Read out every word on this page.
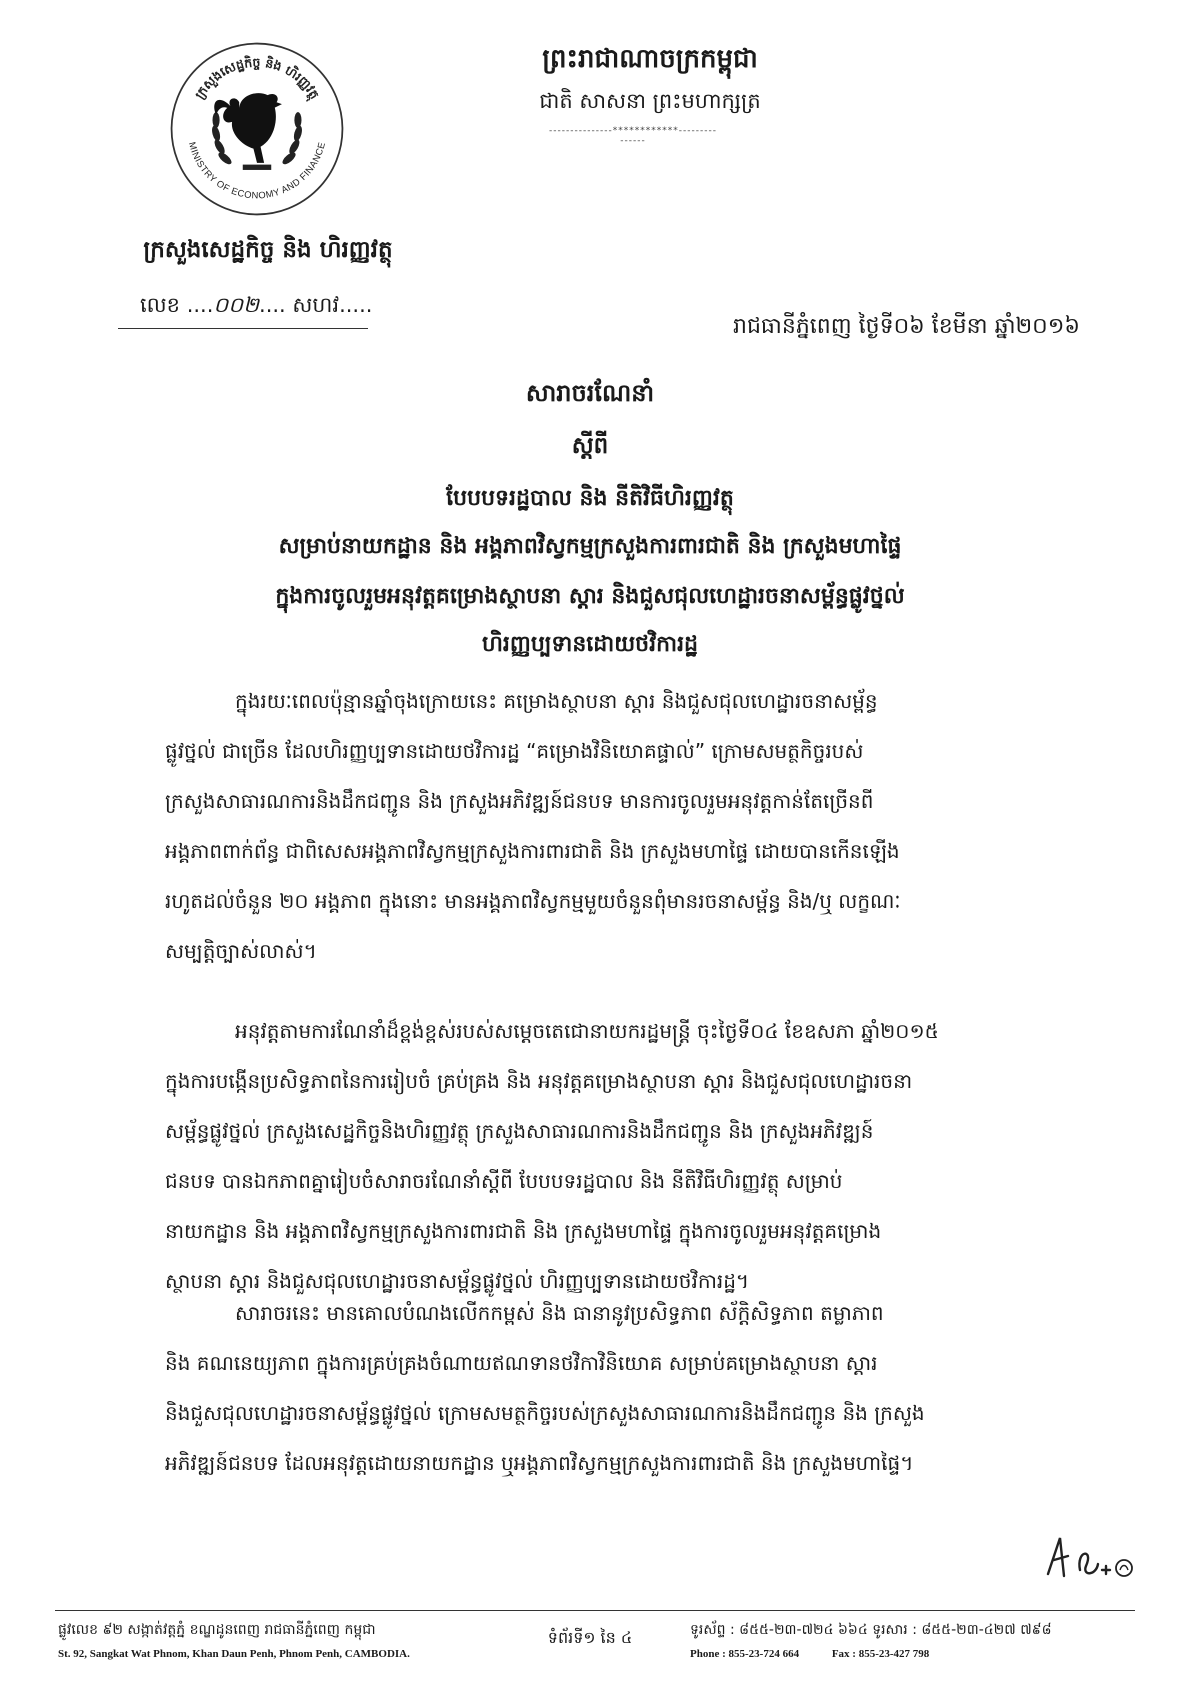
ក្រសួងសេដ្ឋកិច្ច និង ហិរញ្ញវត្ថុ
MINISTRY OF ECONOMY AND FINANCE
ក្រសួងសេដ្ឋកិច្ច និង ហិរញ្ញវត្ថុ
លេខ ....០០២.... សហវ.....
ព្រះរាជាណាចក្រកម្ពុជា
ជាតិ សាសនា ព្រះមហាក្សត្រ
---------------************---------------
រាជធានីភ្នំពេញ ថ្ងៃទី០៦ ខែមីនា ឆ្នាំ២០១៦
សារាចរណែនាំ
ស្តីពី
បែបបទរដ្ឋបាល និង នីតិវិធីហិរញ្ញវត្ថុ
សម្រាប់នាយកដ្ឋាន និង អង្គភាពវិស្វកម្មក្រសួងការពារជាតិ និង ក្រសួងមហាផ្ទៃ
ក្នុងការចូលរួមអនុវត្តគម្រោងស្ថាបនា ស្តារ និងជួសជុលហេដ្ឋារចនាសម្ព័ន្ធផ្លូវថ្នល់
ហិរញ្ញប្បទានដោយថវិការដ្ឋ
ក្នុងរយៈពេលប៉ុន្មានឆ្នាំចុងក្រោយនេះ គម្រោងស្ថាបនា ស្តារ និងជួសជុលហេដ្ឋារចនាសម្ព័ន្ធ
ផ្លូវថ្នល់ ជាច្រើន ដែលហិរញ្ញប្បទានដោយថវិការដ្ឋ “គម្រោងវិនិយោគផ្ទាល់” ក្រោមសមត្ថកិច្ចរបស់
ក្រសួងសាធារណការនិងដឹកជញ្ជូន និង ក្រសួងអភិវឌ្ឍន៍ជនបទ មានការចូលរួមអនុវត្តកាន់តែច្រើនពី
អង្គភាពពាក់ព័ន្ធ ជាពិសេសអង្គភាពវិស្វកម្មក្រសួងការពារជាតិ និង ក្រសួងមហាផ្ទៃ ដោយបានកើនឡើង
រហូតដល់ចំនួន ២០ អង្គភាព ក្នុងនោះ មានអង្គភាពវិស្វកម្មមួយចំនួនពុំមានរចនាសម្ព័ន្ធ និង/ឬ លក្ខណៈ
សម្បត្តិច្បាស់លាស់។
អនុវត្តតាមការណែនាំដ៏ខ្ពង់ខ្ពស់របស់សម្តេចតេជោនាយករដ្ឋមន្ត្រី ចុះថ្ងៃទី០៤ ខែឧសភា ឆ្នាំ២០១៥
ក្នុងការបង្កើនប្រសិទ្ធភាពនៃការរៀបចំ គ្រប់គ្រង និង អនុវត្តគម្រោងស្ថាបនា ស្តារ និងជួសជុលហេដ្ឋារចនា
សម្ព័ន្ធផ្លូវថ្នល់ ក្រសួងសេដ្ឋកិច្ចនិងហិរញ្ញវត្ថុ ក្រសួងសាធារណការនិងដឹកជញ្ជូន និង ក្រសួងអភិវឌ្ឍន៍
ជនបទ បានឯកភាពគ្នារៀបចំសារាចរណែនាំស្តីពី បែបបទរដ្ឋបាល និង នីតិវិធីហិរញ្ញវត្ថុ សម្រាប់
នាយកដ្ឋាន និង អង្គភាពវិស្វកម្មក្រសួងការពារជាតិ និង ក្រសួងមហាផ្ទៃ ក្នុងការចូលរួមអនុវត្តគម្រោង
ស្ថាបនា ស្តារ និងជួសជុលហេដ្ឋារចនាសម្ព័ន្ធផ្លូវថ្នល់ ហិរញ្ញប្បទានដោយថវិការដ្ឋ។
សារាចរនេះ មានគោលបំណងលើកកម្ពស់ និង ធានានូវប្រសិទ្ធភាព ស័ក្តិសិទ្ធភាព តម្លាភាព
និង គណនេយ្យភាព ក្នុងការគ្រប់គ្រងចំណាយឥណទានថវិកាវិនិយោគ សម្រាប់គម្រោងស្ថាបនា ស្តារ
និងជួសជុលហេដ្ឋារចនាសម្ព័ន្ធផ្លូវថ្នល់ ក្រោមសមត្ថកិច្ចរបស់ក្រសួងសាធារណការនិងដឹកជញ្ជូន និង ក្រសួង
អភិវឌ្ឍន៍ជនបទ ដែលអនុវត្តដោយនាយកដ្ឋាន ឬអង្គភាពវិស្វកម្មក្រសួងការពារជាតិ និង ក្រសួងមហាផ្ទៃ។
ផ្លូវលេខ ៩២ សង្កាត់វត្តភ្នំ ខណ្ឌដូនពេញ រាជធានីភ្នំពេញ កម្ពុជា
St. 92, Sangkat Wat Phnom, Khan Daun Penh, Phnom Penh, CAMBODIA.
ទំព័រទី១ នៃ ៤	ទូរស័ព្ទ : ៨៥៥-២៣-៧២៤ ៦៦៤ ទូរសារ : ៨៥៥-២៣-៤២៧ ៧៩៨
Phone : 855-23-724 664	Fax : 855-23-427 798
